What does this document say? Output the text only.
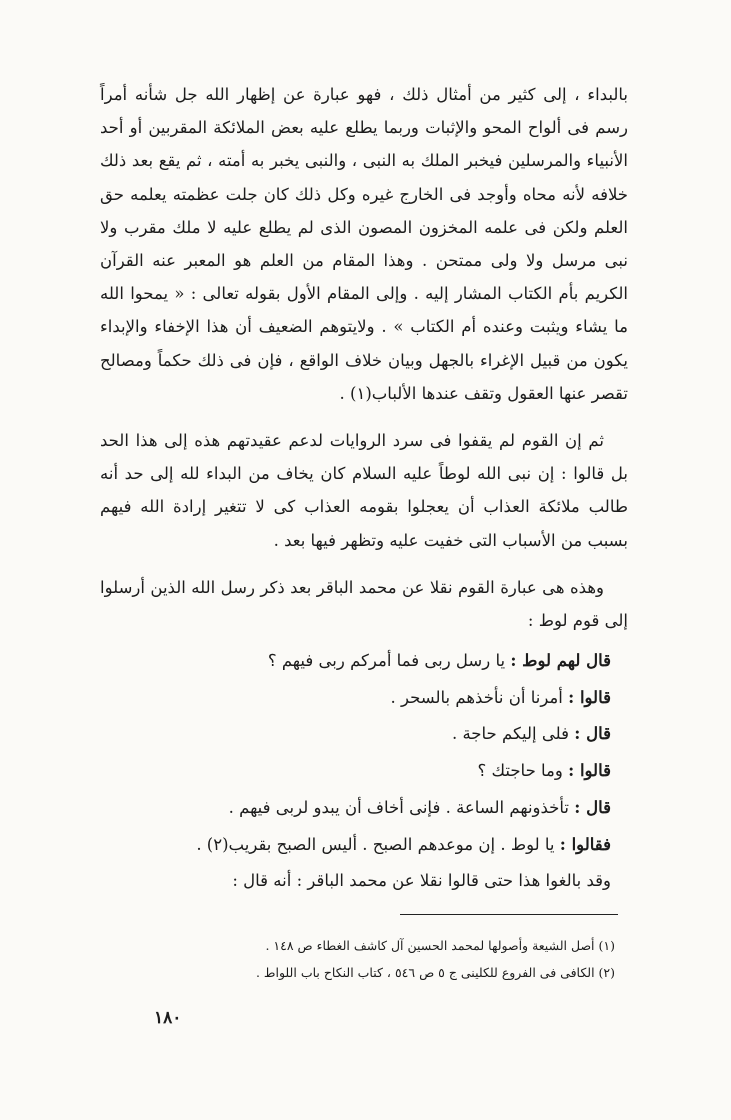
بالبداء ، إلى كثير من أمثال ذلك ، فهو عبارة عن إظهار الله جل شأنه أمراً رسم فى ألواح المحو والإثبات وربما يطلع عليه بعض الملائكة المقربين أو أحد الأنبياء والمرسلين فيخبر الملك به النبى ، والنبى يخبر به أمته ، ثم يقع بعد ذلك خلافه لأنه محاه وأوجد فى الخارج غيره وكل ذلك كان جلت عظمته يعلمه حق العلم ولكن فى علمه المخزون المصون الذى لم يطلع عليه لا ملك مقرب ولا نبى مرسل ولا ولى ممتحن . وهذا المقام من العلم هو المعبر عنه القرآن الكريم بأم الكتاب المشار إليه . وإلى المقام الأول بقوله تعالى : « يمحوا الله ما يشاء ويثبت وعنده أم الكتاب » . ولايتوهم الضعيف أن هذا الإخفاء والإبداء يكون من قبيل الإغراء بالجهل وبيان خلاف الواقع ، فإن فى ذلك حكماً ومصالح تقصر عنها العقول وتقف عندها الألباب(١) .

ثم إن القوم لم يقفوا فى سرد الروايات لدعم عقيدتهم هذه إلى هذا الحد بل قالوا : إن نبى الله لوطاً عليه السلام كان يخاف من البداء لله إلى حد أنه طالب ملائكة العذاب أن يعجلوا بقومه العذاب كى لا تتغير إرادة الله فيهم بسبب من الأسباب التى خفيت عليه وتظهر فيها بعد .

وهذه هى عبارة القوم نقلا عن محمد الباقر بعد ذكر رسل الله الذين أرسلوا إلى قوم لوط :

قال لهم لوط : يا رسل ربى فما أمركم ربى فيهم ؟
قالوا : أمرنا أن نأخذهم بالسحر .
قال : فلى إليكم حاجة .
قالوا : وما حاجتك ؟
قال : تأخذونهم الساعة . فإنى أخاف أن يبدو لربى فيهم .
فقالوا : يا لوط . إن موعدهم الصبح . أليس الصبح بقريب(٢) .
وقد بالغوا هذا حتى قالوا نقلا عن محمد الباقر : أنه قال :
(١) أصل الشيعة وأصولها لمحمد الحسين آل كاشف الغطاء ص ١٤٨ .
(٢) الكافى فى الفروع للكلينى ج ٥ ص ٥٤٦ ، كتاب النكاح باب اللواط .
١٨٠
